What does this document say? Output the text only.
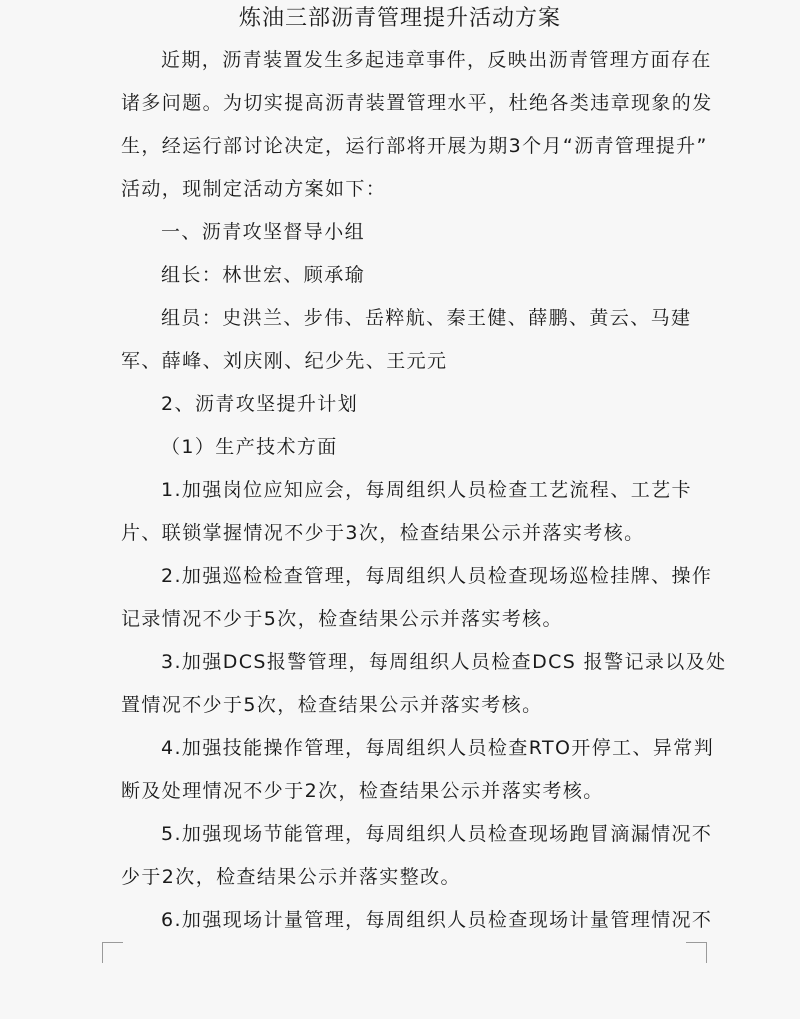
炼油三部沥青管理提升活动方案
近期，沥青装置发生多起违章事件，反映出沥青管理方面存在
诸多问题。为切实提高沥青装置管理水平，杜绝各类违章现象的发
生，经运行部讨论决定，运行部将开展为期3个月“沥青管理提升”
活动，现制定活动方案如下：
一、沥青攻坚督导小组
组长：林世宏、顾承瑜
组员：史洪兰、步伟、岳粹航、秦王健、薛鹏、黄云、马建
军、薛峰、刘庆刚、纪少先、王元元
2、沥青攻坚提升计划
（1）生产技术方面
1.加强岗位应知应会，每周组织人员检查工艺流程、工艺卡
片、联锁掌握情况不少于3次，检查结果公示并落实考核。
2.加强巡检检查管理，每周组织人员检查现场巡检挂牌、操作
记录情况不少于5次，检查结果公示并落实考核。
3.加强DCS报警管理，每周组织人员检查DCS 报警记录以及处
置情况不少于5次，检查结果公示并落实考核。
4.加强技能操作管理，每周组织人员检查RTO开停工、异常判
断及处理情况不少于2次，检查结果公示并落实考核。
5.加强现场节能管理，每周组织人员检查现场跑冒滴漏情况不
少于2次，检查结果公示并落实整改。
6.加强现场计量管理，每周组织人员检查现场计量管理情况不
